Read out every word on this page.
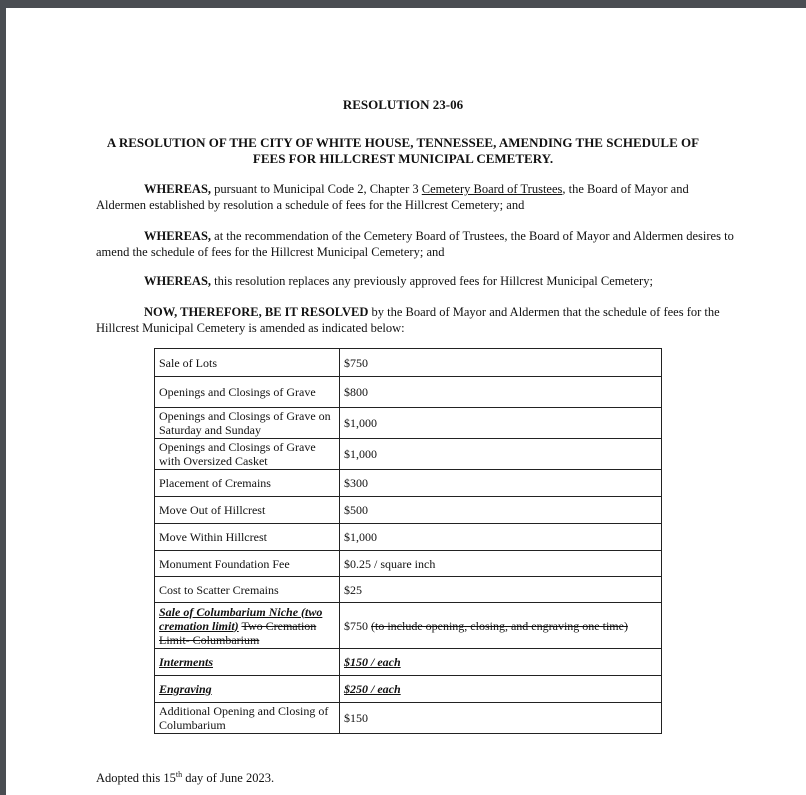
RESOLUTION 23-06
A RESOLUTION OF THE CITY OF WHITE HOUSE, TENNESSEE, AMENDING THE SCHEDULE OF
FEES FOR HILLCREST MUNICIPAL CEMETERY.
WHEREAS, pursuant to Municipal Code 2, Chapter 3 Cemetery Board of Trustees, the Board of Mayor and Aldermen established by resolution a schedule of fees for the Hillcrest Cemetery; and
WHEREAS, at the recommendation of the Cemetery Board of Trustees, the Board of Mayor and Aldermen desires to amend the schedule of fees for the Hillcrest Municipal Cemetery; and
WHEREAS, this resolution replaces any previously approved fees for Hillcrest Municipal Cemetery;
NOW, THEREFORE, BE IT RESOLVED by the Board of Mayor and Aldermen that the schedule of fees for the Hillcrest Municipal Cemetery is amended as indicated below:
Sale of Lots	$750
Openings and Closings of Grave	$800
Openings and Closings of Grave on Saturday and Sunday	$1,000
Openings and Closings of Grave with Oversized Casket	$1,000
Placement of Cremains	$300
Move Out of Hillcrest	$500
Move Within Hillcrest	$1,000
Monument Foundation Fee	$0.25 / square inch
Cost to Scatter Cremains	$25
Sale of Columbarium Niche (two cremation limit) Two Cremation Limit- Columbarium	$750 (to include opening, closing, and engraving one time)
Interments	$150 / each
Engraving	$250 / each
Additional Opening and Closing of Columbarium	$150
Adopted this 15th day of June 2023.
